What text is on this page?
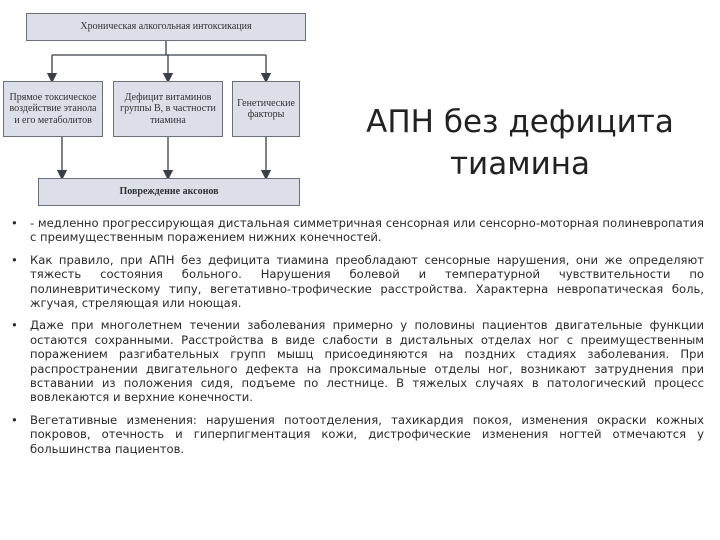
Хроническая алкогольная интоксикация
Прямое токсическое воздействие этанола и его метаболитов
Дефицит витаминов группы В, в частности тиамина
Генетические факторы
Повреждение аксонов
АПН без дефицита
тиамина
• - медленно прогрессирующая дистальная симметричная сенсорная или сенсорно-моторная полиневропатия с преимущественным поражением нижних конечностей.
• Как правило, при АПН без дефицита тиамина преобладают сенсорные нарушения, они же определяют тяжесть состояния больного. Нарушения болевой и температурной чувствительности по полиневритическому типу, вегетативно-трофические расстройства. Характерна невропатическая боль, жгучая, стреляющая или ноющая.
• Даже при многолетнем течении заболевания примерно у половины пациентов двигательные функции остаются сохранными. Расстройства в виде слабости в дистальных отделах ног с преимущественным поражением разгибательных групп мышц присоединяются на поздних стадиях заболевания. При распространении двигательного дефекта на проксимальные отделы ног, возникают затруднения при вставании из положения сидя, подъеме по лестнице. В тяжелых случаях в патологический процесс вовлекаются и верхние конечности.
• Вегетативные изменения: нарушения потоотделения, тахикардия покоя, изменения окраски кожных покровов, отечность и гиперпигментация кожи, дистрофические изменения ногтей отмечаются у большинства пациентов.
